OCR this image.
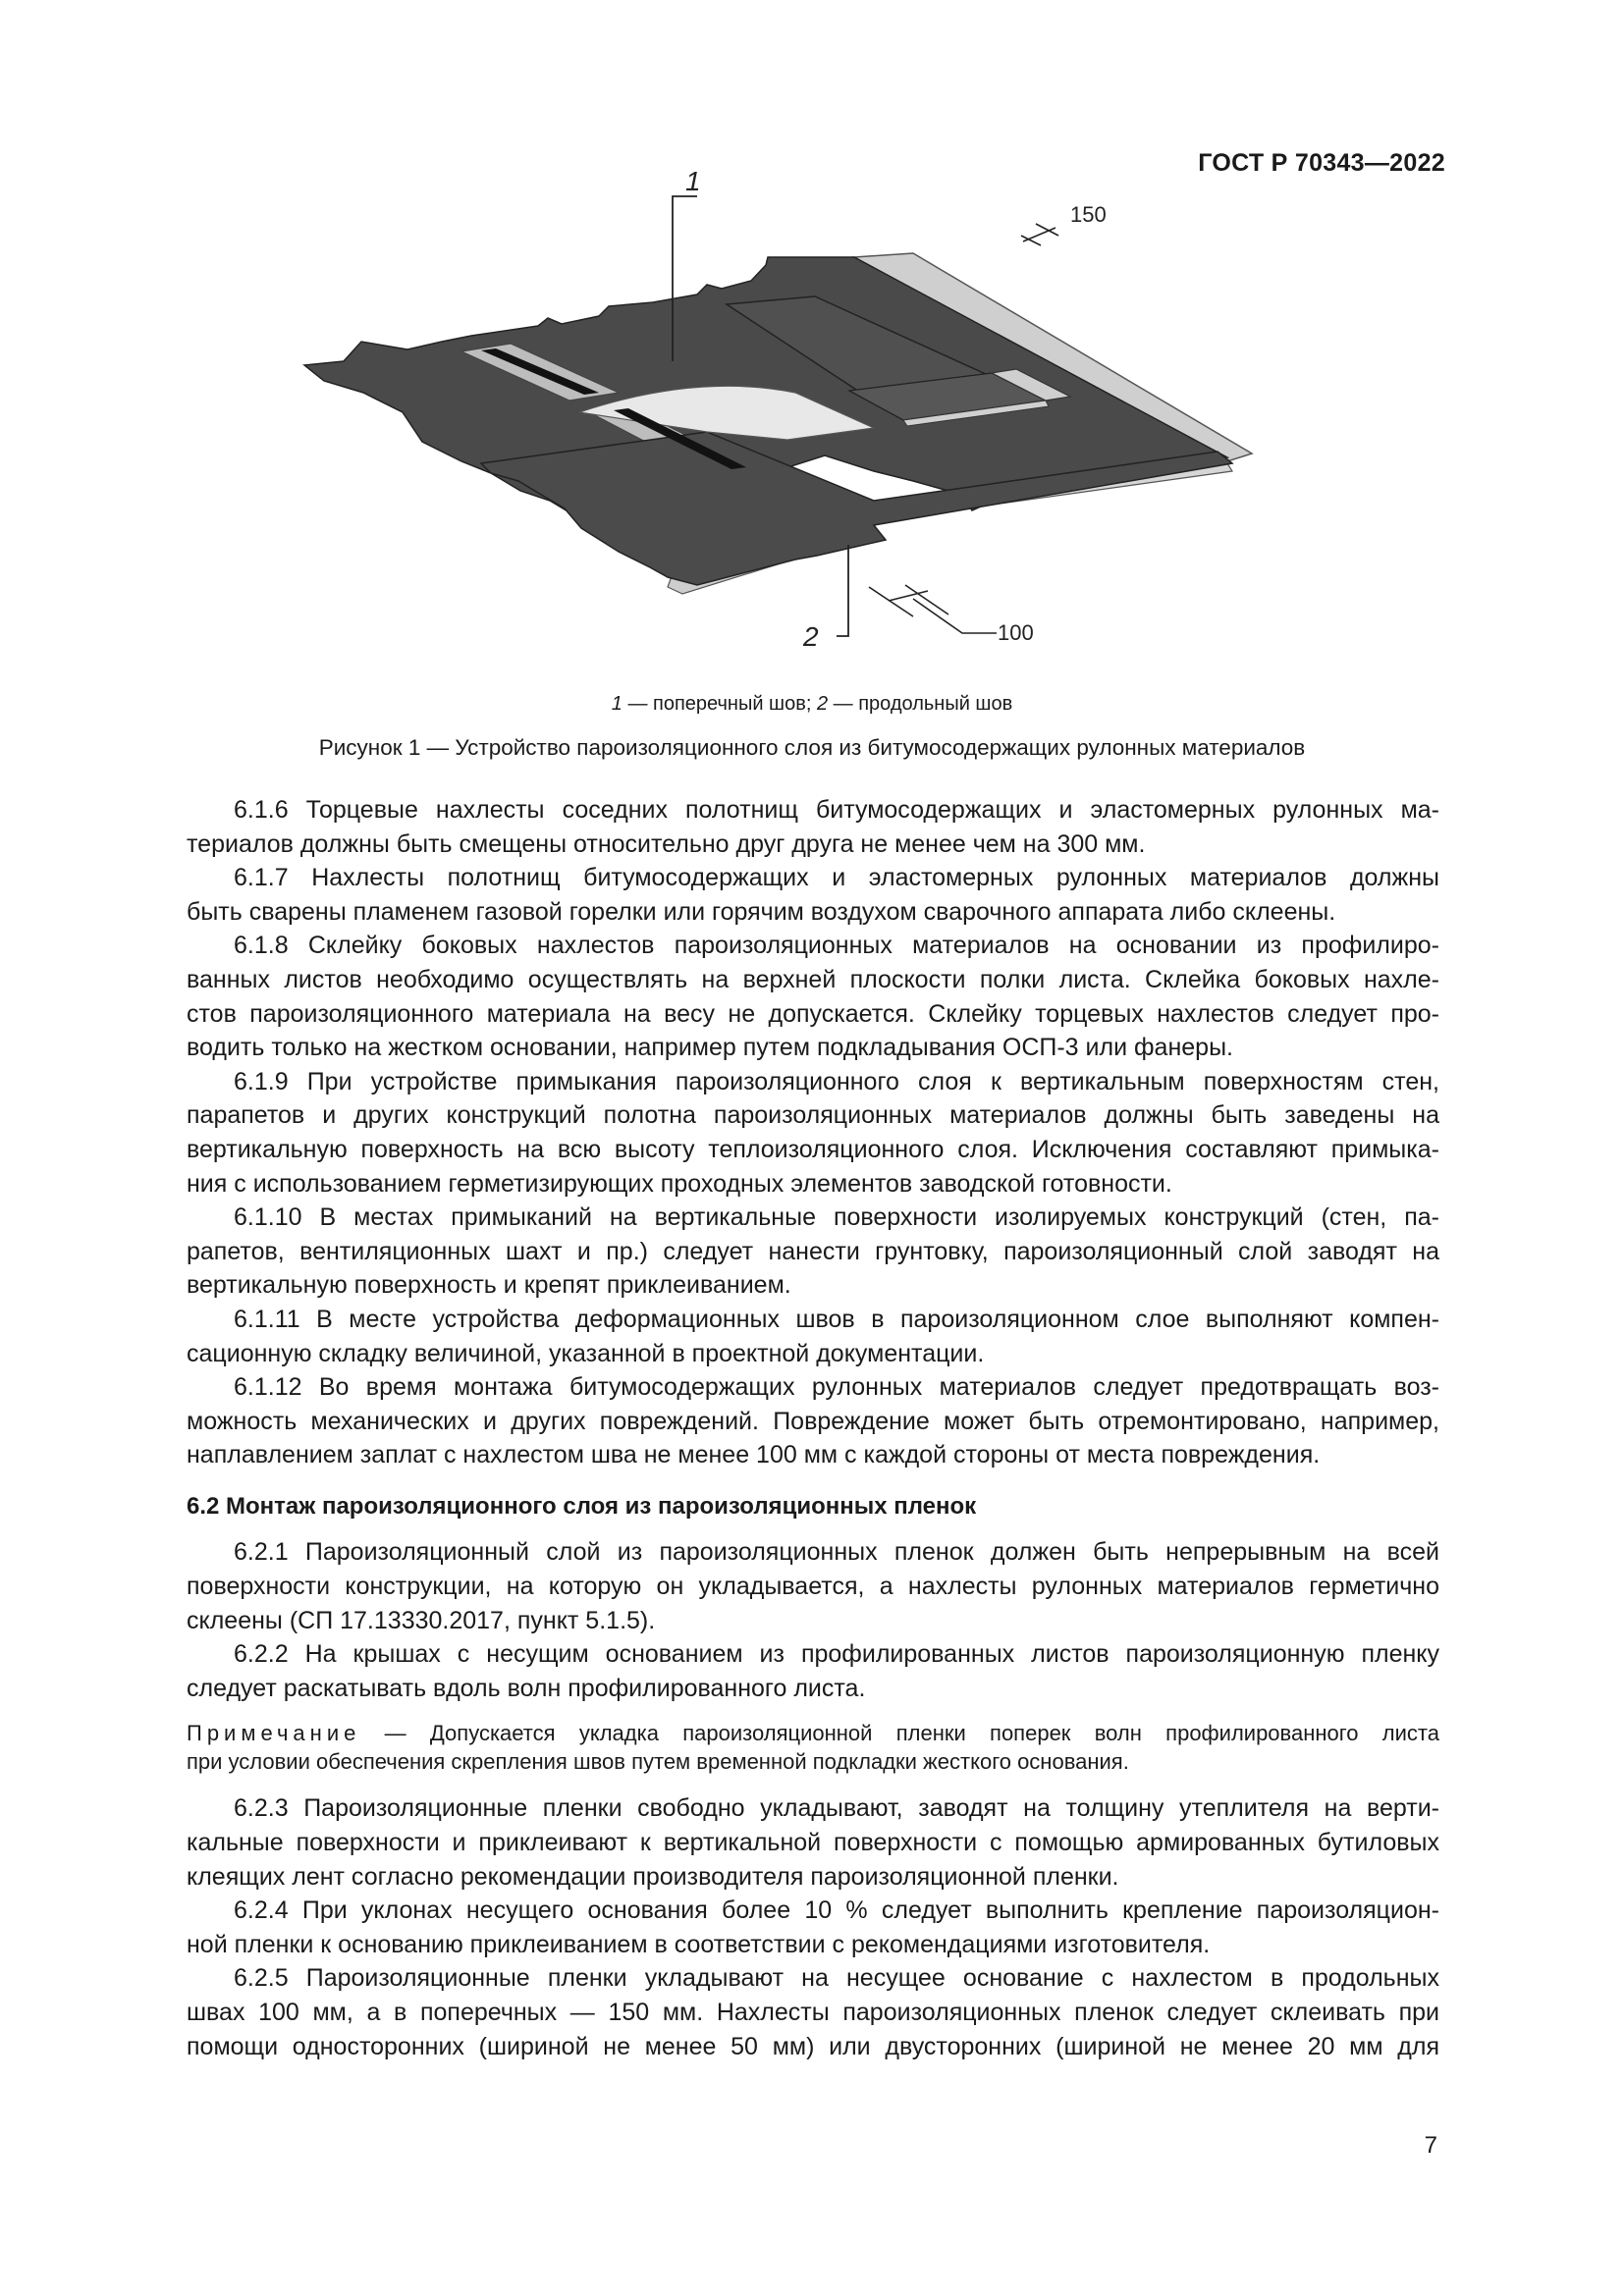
ГОСТ Р 70343—2022
1
150
2	100
1 — поперечный шов; 2 — продольный шов
Рисунок 1 — Устройство пароизоляционного слоя из битумосодержащих рулонных материалов
6.1.6 Торцевые нахлесты соседних полотнищ битумосодержащих и эластомерных рулонных ма-
териалов должны быть смещены относительно друг друга не менее чем на 300 мм.
6.1.7 Нахлесты полотнищ битумосодержащих и эластомерных рулонных материалов должны
быть сварены пламенем газовой горелки или горячим воздухом сварочного аппарата либо склеены.
6.1.8 Склейку боковых нахлестов пароизоляционных материалов на основании из профилиро-
ванных листов необходимо осуществлять на верхней плоскости полки листа. Склейка боковых нахле-
стов пароизоляционного материала на весу не допускается. Склейку торцевых нахлестов следует про-
водить только на жестком основании, например путем подкладывания ОСП-3 или фанеры.
6.1.9 При устройстве примыкания пароизоляционного слоя к вертикальным поверхностям стен,
парапетов и других конструкций полотна пароизоляционных материалов должны быть заведены на
вертикальную поверхность на всю высоту теплоизоляционного слоя. Исключения составляют примыка-
ния с использованием герметизирующих проходных элементов заводской готовности.
6.1.10 В местах примыканий на вертикальные поверхности изолируемых конструкций (стен, па-
рапетов, вентиляционных шахт и пр.) следует нанести грунтовку, пароизоляционный слой заводят на
вертикальную поверхность и крепят приклеиванием.
6.1.11 В месте устройства деформационных швов в пароизоляционном слое выполняют компен-
сационную складку величиной, указанной в проектной документации.
6.1.12 Во время монтажа битумосодержащих рулонных материалов следует предотвращать воз-
можность механических и других повреждений. Повреждение может быть отремонтировано, например,
наплавлением заплат с нахлестом шва не менее 100 мм с каждой стороны от места повреждения.
6.2 Монтаж пароизоляционного слоя из пароизоляционных пленок
6.2.1 Пароизоляционный слой из пароизоляционных пленок должен быть непрерывным на всей
поверхности конструкции, на которую он укладывается, а нахлесты рулонных материалов герметично
склеены (СП 17.13330.2017, пункт 5.1.5).
6.2.2 На крышах с несущим основанием из профилированных листов пароизоляционную пленку
следует раскатывать вдоль волн профилированного листа.
Примечание — Допускается укладка пароизоляционной пленки поперек волн профилированного листа
при условии обеспечения скрепления швов путем временной подкладки жесткого основания.
6.2.3 Пароизоляционные пленки свободно укладывают, заводят на толщину утеплителя на верти-
кальные поверхности и приклеивают к вертикальной поверхности с помощью армированных бутиловых
клеящих лент согласно рекомендации производителя пароизоляционной пленки.
6.2.4 При уклонах несущего основания более 10 % следует выполнить крепление пароизоляцион-
ной пленки к основанию приклеиванием в соответствии с рекомендациями изготовителя.
6.2.5 Пароизоляционные пленки укладывают на несущее основание с нахлестом в продольных
швах 100 мм, а в поперечных — 150 мм. Нахлесты пароизоляционных пленок следует склеивать при
помощи односторонних (шириной не менее 50 мм) или двусторонних (шириной не менее 20 мм для
7
